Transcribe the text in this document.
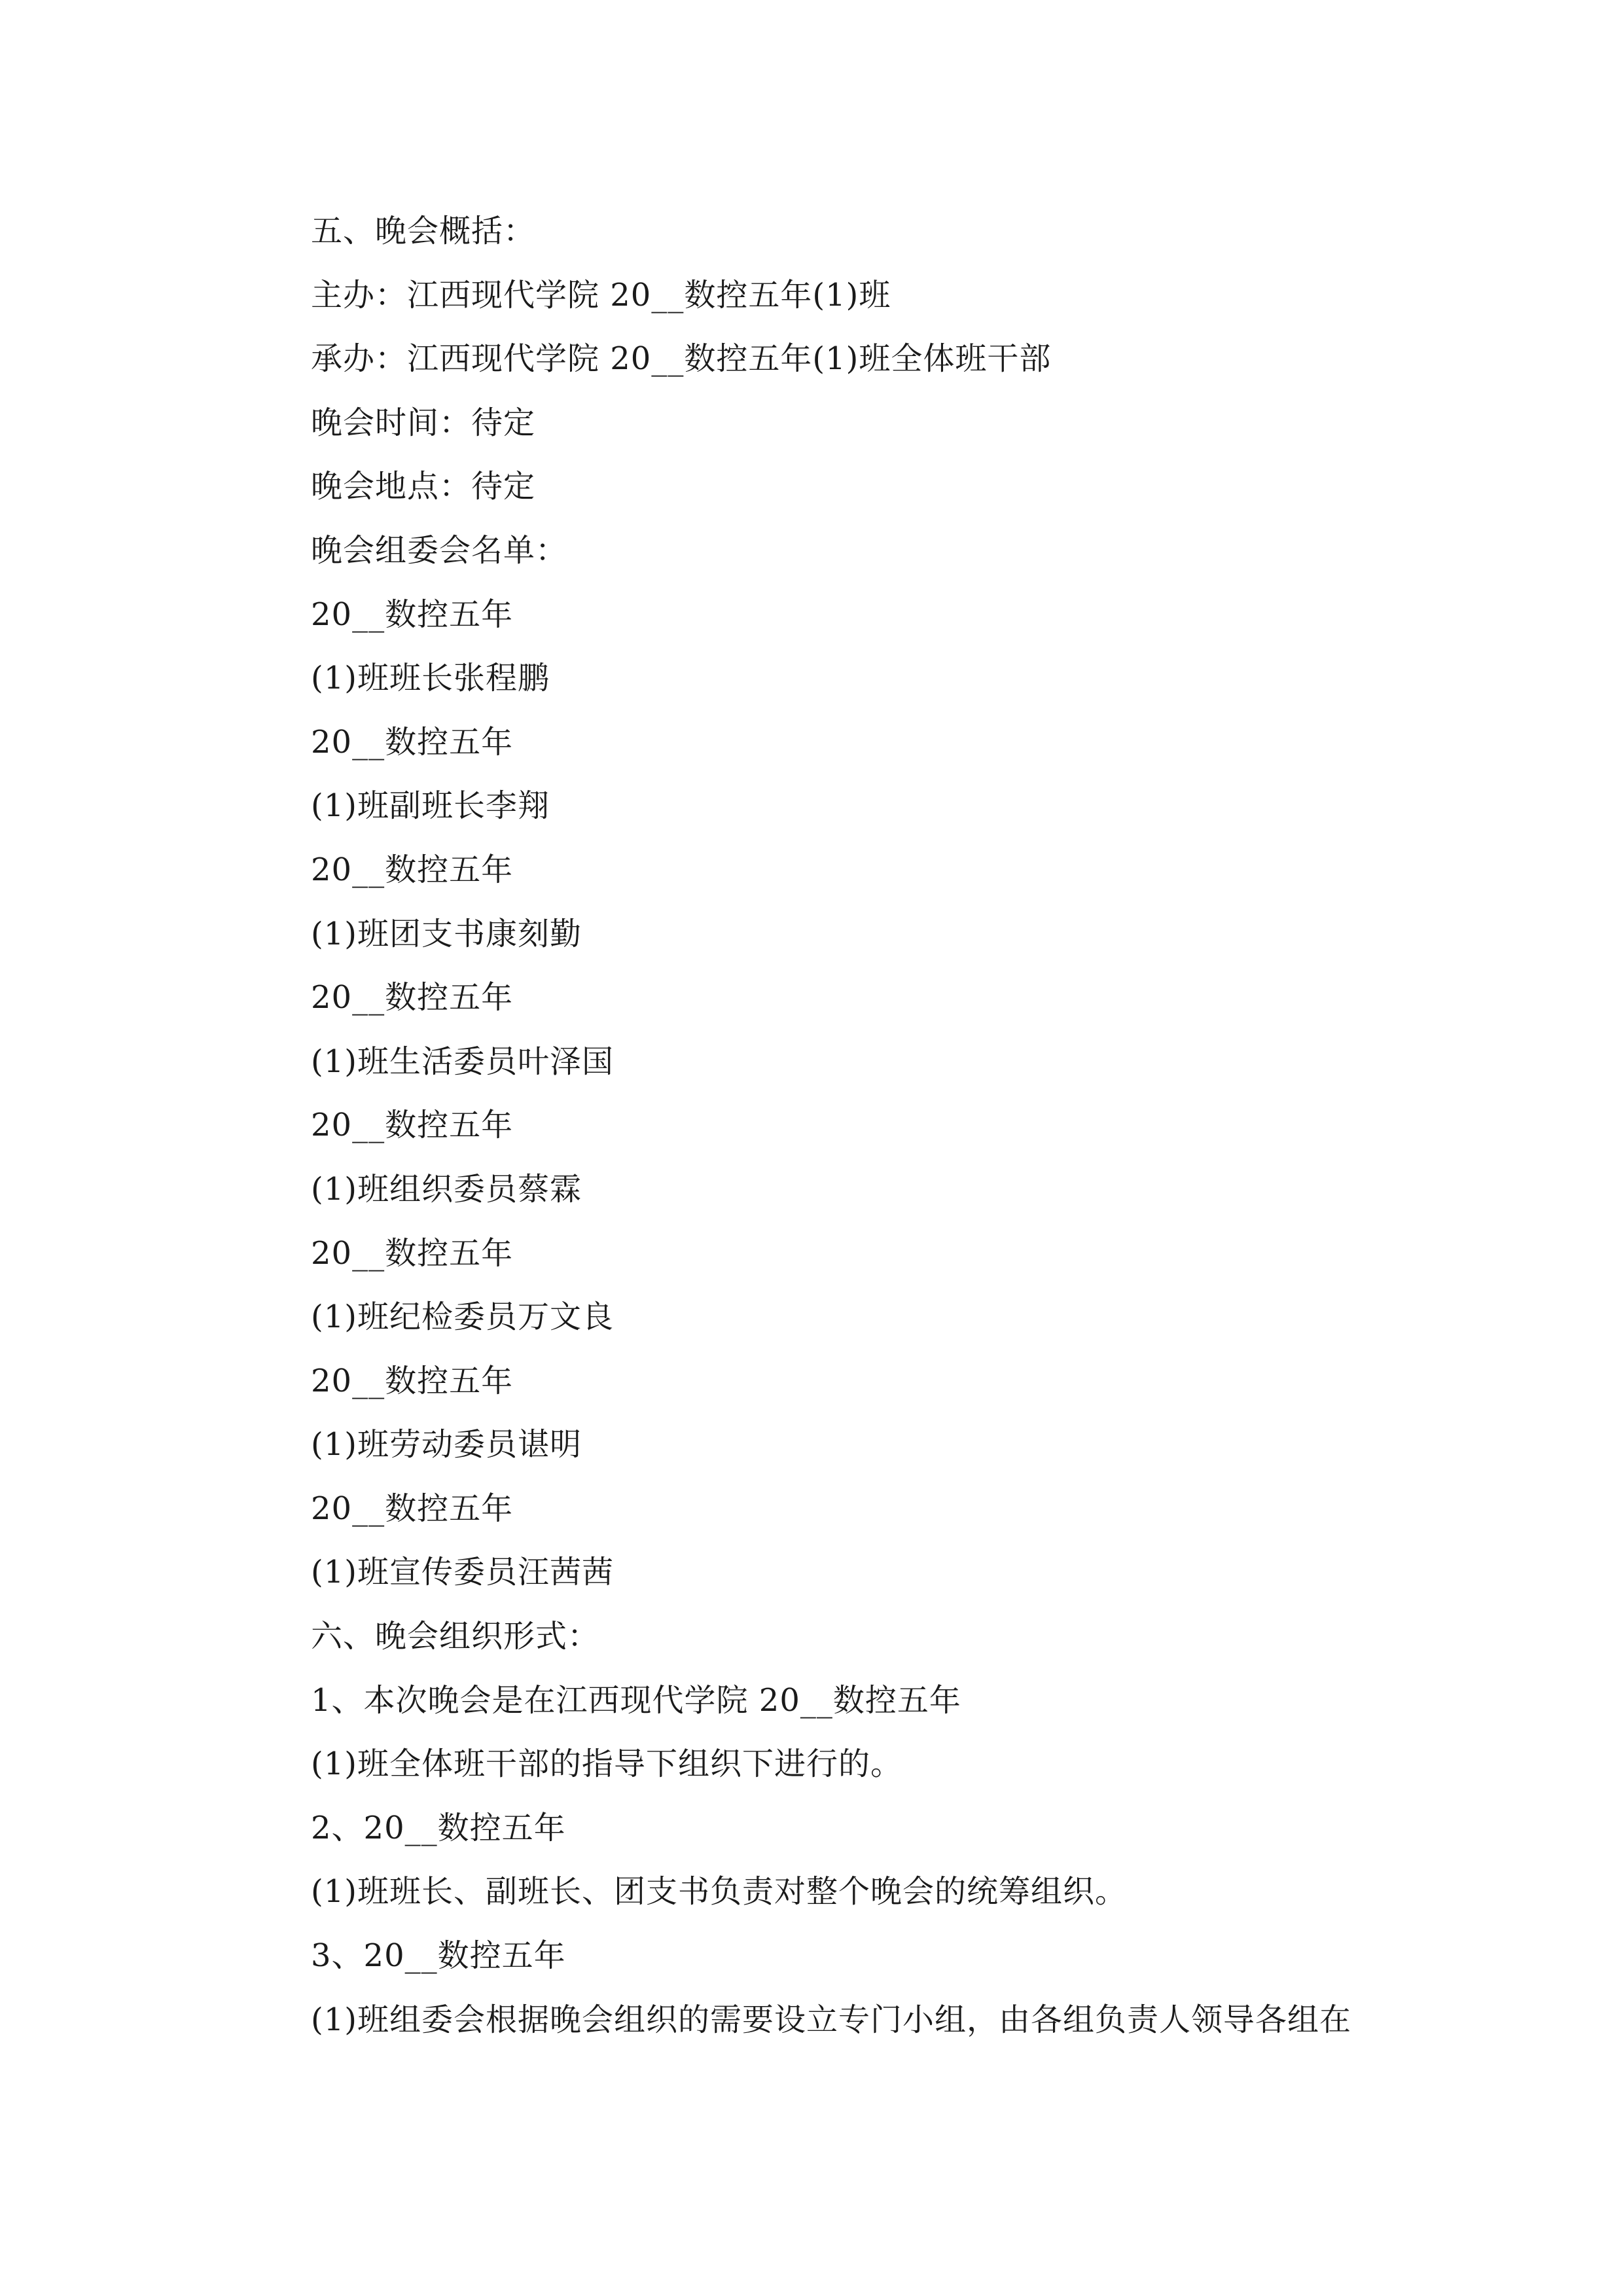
五、晚会概括：
主办：江西现代学院 20__数控五年(1)班
承办：江西现代学院 20__数控五年(1)班全体班干部
晚会时间：待定
晚会地点：待定
晚会组委会名单：
20__数控五年
(1)班班长张程鹏
20__数控五年
(1)班副班长李翔
20__数控五年
(1)班团支书康刻勤
20__数控五年
(1)班生活委员叶泽国
20__数控五年
(1)班组织委员蔡霖
20__数控五年
(1)班纪检委员万文良
20__数控五年
(1)班劳动委员谌明
20__数控五年
(1)班宣传委员汪茜茜
六、晚会组织形式：
1、本次晚会是在江西现代学院 20__数控五年
(1)班全体班干部的指导下组织下进行的。
2、20__数控五年
(1)班班长、副班长、团支书负责对整个晚会的统筹组织。
3、20__数控五年
(1)班组委会根据晚会组织的需要设立专门小组，由各组负责人领导各组在
